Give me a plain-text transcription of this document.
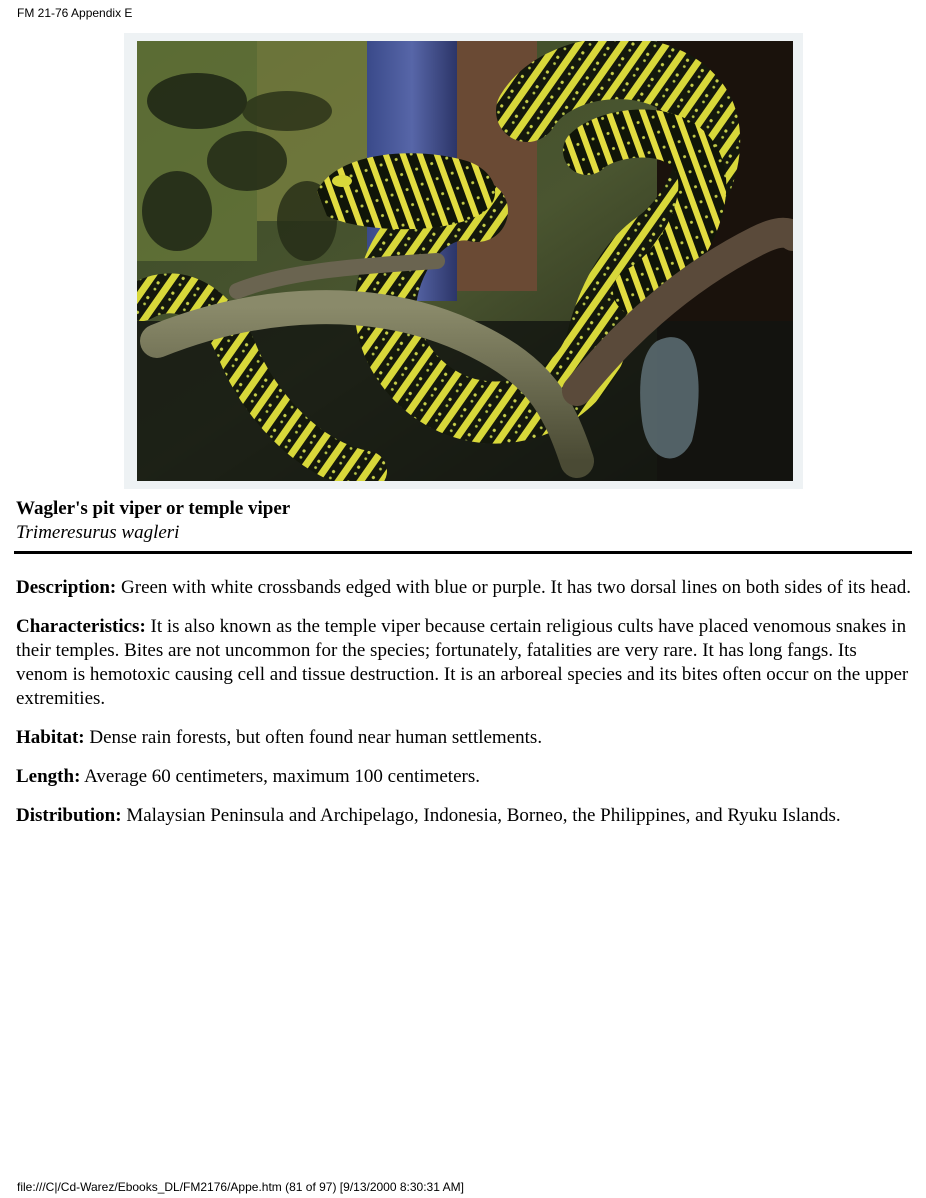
FM 21-76 Appendix E
Wagler's pit viper or temple viper
Trimeresurus wagleri

Description: Green with white crossbands edged with blue or purple. It has two dorsal lines on both sides of its head.

Characteristics: It is also known as the temple viper because certain religious cults have placed venomous snakes in their temples. Bites are not uncommon for the species; fortunately, fatalities are very rare. It has long fangs. Its venom is hemotoxic causing cell and tissue destruction. It is an arboreal species and its bites often occur on the upper extremities.

Habitat: Dense rain forests, but often found near human settlements.

Length: Average 60 centimeters, maximum 100 centimeters.

Distribution: Malaysian Peninsula and Archipelago, Indonesia, Borneo, the Philippines, and Ryuku Islands.

file:///C|/Cd-Warez/Ebooks_DL/FM2176/Appe.htm (81 of 97) [9/13/2000 8:30:31 AM]
